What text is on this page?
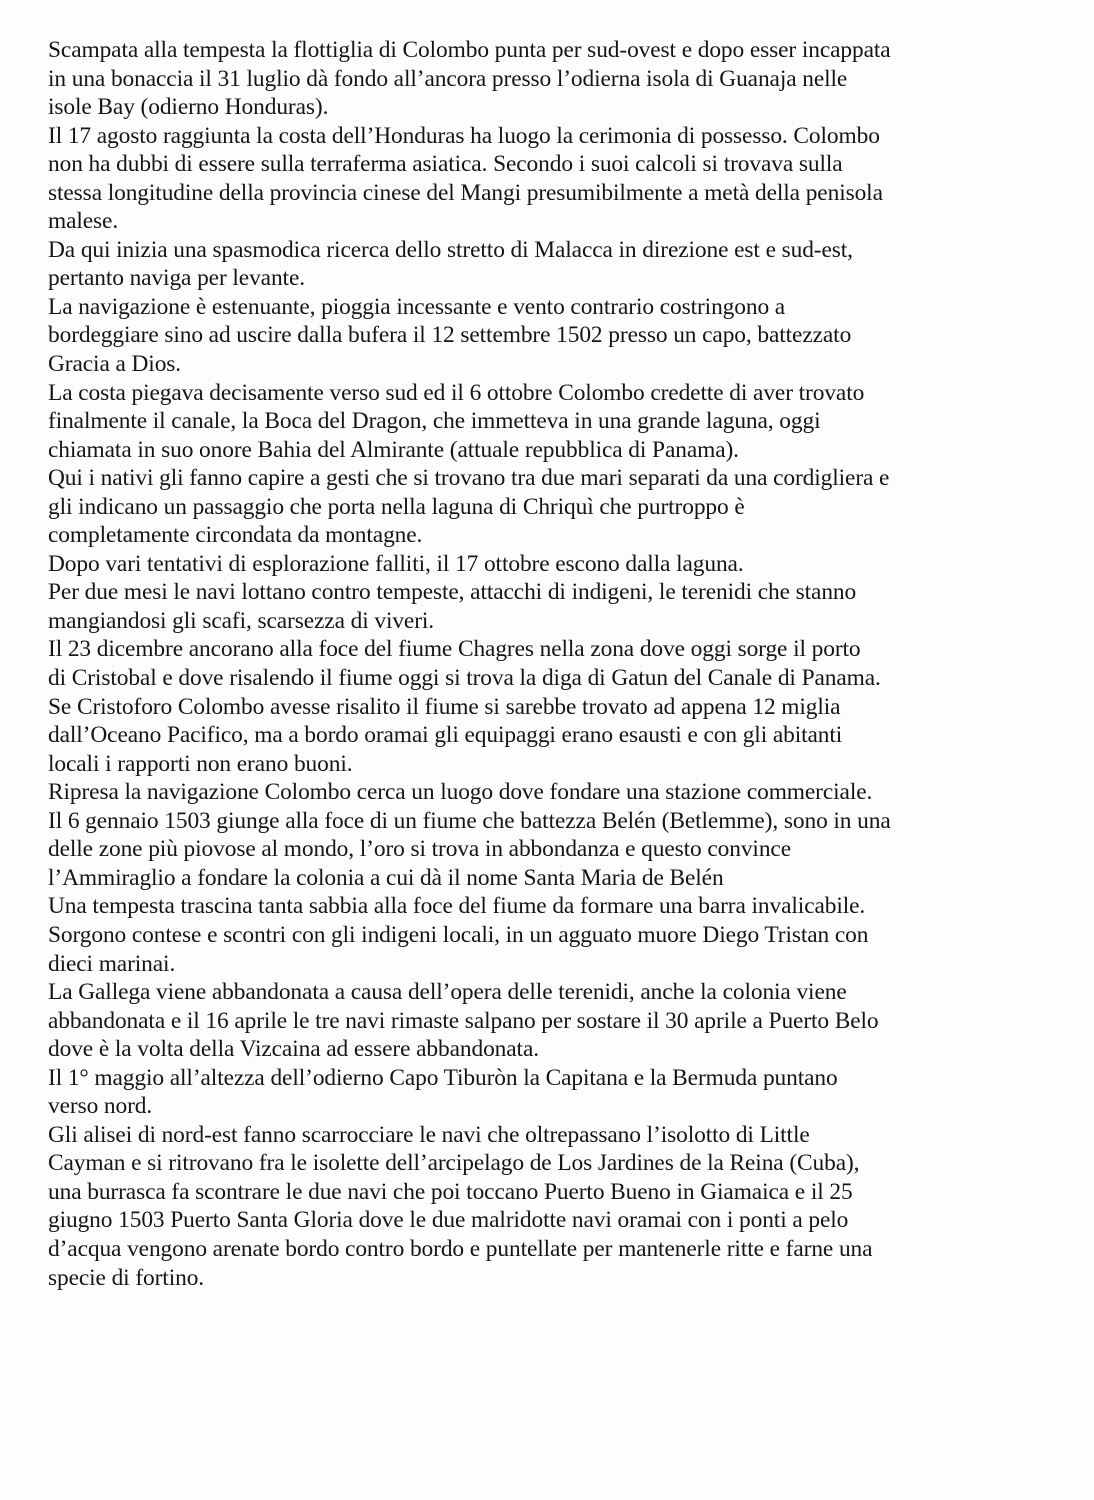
Scampata alla tempesta la flottiglia di Colombo punta per sud-ovest e dopo esser incappata
in una bonaccia il 31 luglio dà fondo all’ancora presso l’odierna isola di Guanaja nelle
isole Bay (odierno Honduras).
Il 17 agosto raggiunta la costa dell’Honduras ha luogo la cerimonia di possesso. Colombo
non ha dubbi di essere sulla terraferma asiatica. Secondo i suoi calcoli si trovava sulla
stessa longitudine della provincia cinese del Mangi presumibilmente a metà della penisola
malese.
Da qui inizia una spasmodica ricerca dello stretto di Malacca in direzione est e sud-est,
pertanto naviga per levante.
La navigazione è estenuante, pioggia incessante e vento contrario costringono a
bordeggiare sino ad uscire dalla bufera il 12 settembre 1502 presso un capo, battezzato
Gracia a Dios.
La costa piegava decisamente verso sud ed il 6 ottobre Colombo credette di aver trovato
finalmente il canale, la Boca del Dragon, che immetteva in una grande laguna, oggi
chiamata in suo onore Bahia del Almirante (attuale repubblica di Panama).
Qui i nativi gli fanno capire a gesti che si trovano tra due mari separati da una cordigliera e
gli indicano un passaggio che porta nella laguna di Chriquì che purtroppo è
completamente circondata da montagne.
Dopo vari tentativi di esplorazione falliti, il 17 ottobre escono dalla laguna.
Per due mesi le navi lottano contro tempeste, attacchi di indigeni, le terenidi che stanno
mangiandosi gli scafi, scarsezza di viveri.
Il 23 dicembre ancorano alla foce del fiume Chagres nella zona dove oggi sorge il porto
di Cristobal e dove risalendo il fiume oggi si trova la diga di Gatun del Canale di Panama.
Se Cristoforo Colombo avesse risalito il fiume si sarebbe trovato ad appena 12 miglia
dall’Oceano Pacifico, ma a bordo oramai gli equipaggi erano esausti e con gli abitanti
locali i rapporti non erano buoni.
Ripresa la navigazione Colombo cerca un luogo dove fondare una stazione commerciale.
Il 6 gennaio 1503 giunge alla foce di un fiume che battezza Belén (Betlemme), sono in una
delle zone più piovose al mondo, l’oro si trova in abbondanza e questo convince
l’Ammiraglio a fondare la colonia a cui dà il nome Santa Maria de Belén
Una tempesta trascina tanta sabbia alla foce del fiume da formare una barra invalicabile.
Sorgono contese e scontri con gli indigeni locali, in un agguato muore Diego Tristan con
dieci marinai.
La Gallega viene abbandonata a causa dell’opera delle terenidi, anche la colonia viene
abbandonata e il 16 aprile le tre navi rimaste salpano per sostare il 30 aprile a Puerto Belo
dove è la volta della Vizcaina ad essere abbandonata.
Il 1° maggio all’altezza dell’odierno Capo Tiburòn la Capitana e la Bermuda puntano
verso nord.
Gli alisei di nord-est fanno scarrocciare le navi che oltrepassano l’isolotto di Little
Cayman e si ritrovano fra le isolette dell’arcipelago de Los Jardines de la Reina (Cuba),
una burrasca fa scontrare le due navi che poi toccano Puerto Bueno in Giamaica e il 25
giugno 1503 Puerto Santa Gloria dove le due malridotte navi oramai con i ponti a pelo
d’acqua vengono arenate bordo contro bordo e puntellate per mantenerle ritte e farne una
specie di fortino.
